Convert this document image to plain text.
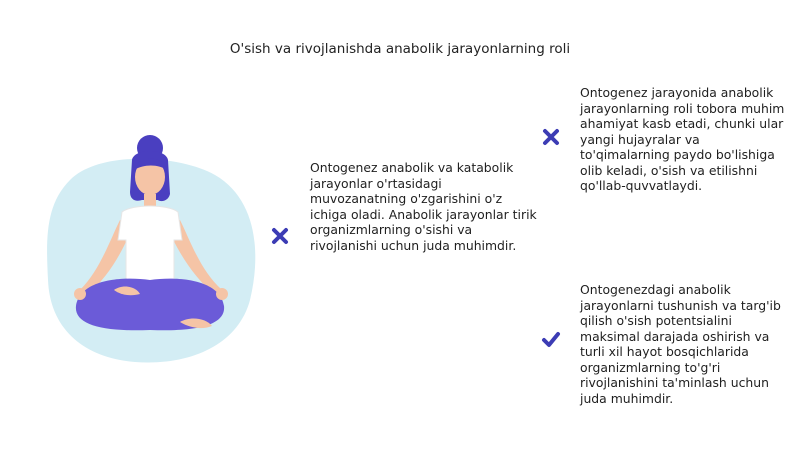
O'sish va rivojlanishda anabolik jarayonlarning roli
Ontogenez anabolik va katabolik jarayonlar o'rtasidagi muvozanatning o'zgarishini o'z ichiga oladi. Anabolik jarayonlar tirik organizmlarning o'sishi va rivojlanishi uchun juda muhimdir.
Ontogenez jarayonida anabolik jarayonlarning roli tobora muhim ahamiyat kasb etadi, chunki ular yangi hujayralar va to'qimalarning paydo bo'lishiga olib keladi, o'sish va etilishni qo'llab-quvvatlaydi.
Ontogenezdagi anabolik jarayonlarni tushunish va targ'ib qilish o'sish potentsialini maksimal darajada oshirish va turli xil hayot bosqichlarida organizmlarning to'g'ri rivojlanishini ta'minlash uchun juda muhimdir.
